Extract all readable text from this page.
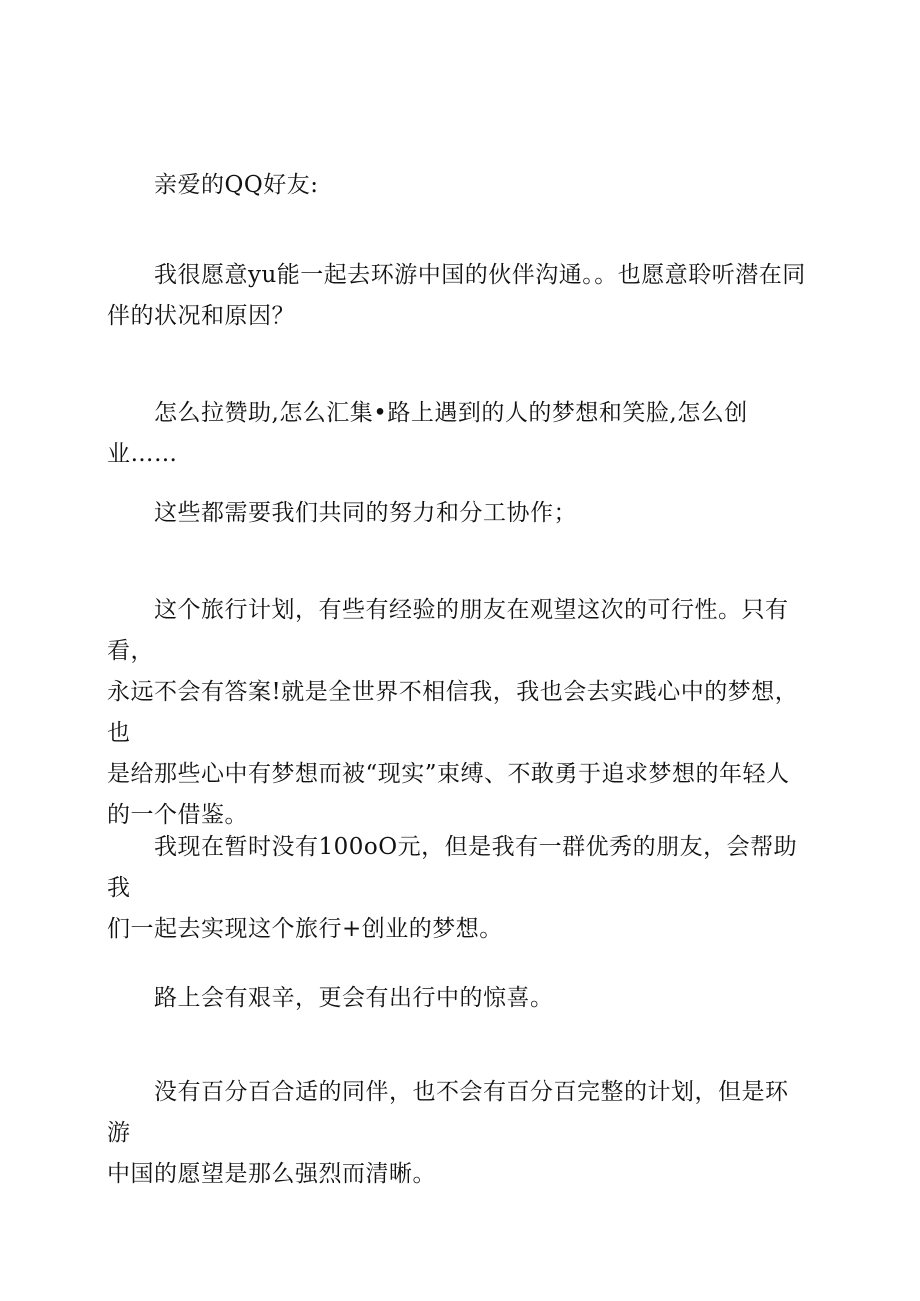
亲爱的QQ好友:

我很愿意yu能一起去环游中国的伙伴沟通。。也愿意聆听潜在同
伴的状况和原因？

怎么拉赞助,怎么汇集•路上遇到的人的梦想和笑脸,怎么创业……

这些都需要我们共同的努力和分工协作；

这个旅行计划，有些有经验的朋友在观望这次的可行性。只有看，
永远不会有答案!就是全世界不相信我，我也会去实践心中的梦想，也
是给那些心中有梦想而被“现实”束缚、不敢勇于追求梦想的年轻人
的一个借鉴。

我现在暂时没有100oO元，但是我有一群优秀的朋友，会帮助我
们一起去实现这个旅行+创业的梦想。

路上会有艰辛，更会有出行中的惊喜。

没有百分百合适的同伴，也不会有百分百完整的计划，但是环游
中国的愿望是那么强烈而清晰。
